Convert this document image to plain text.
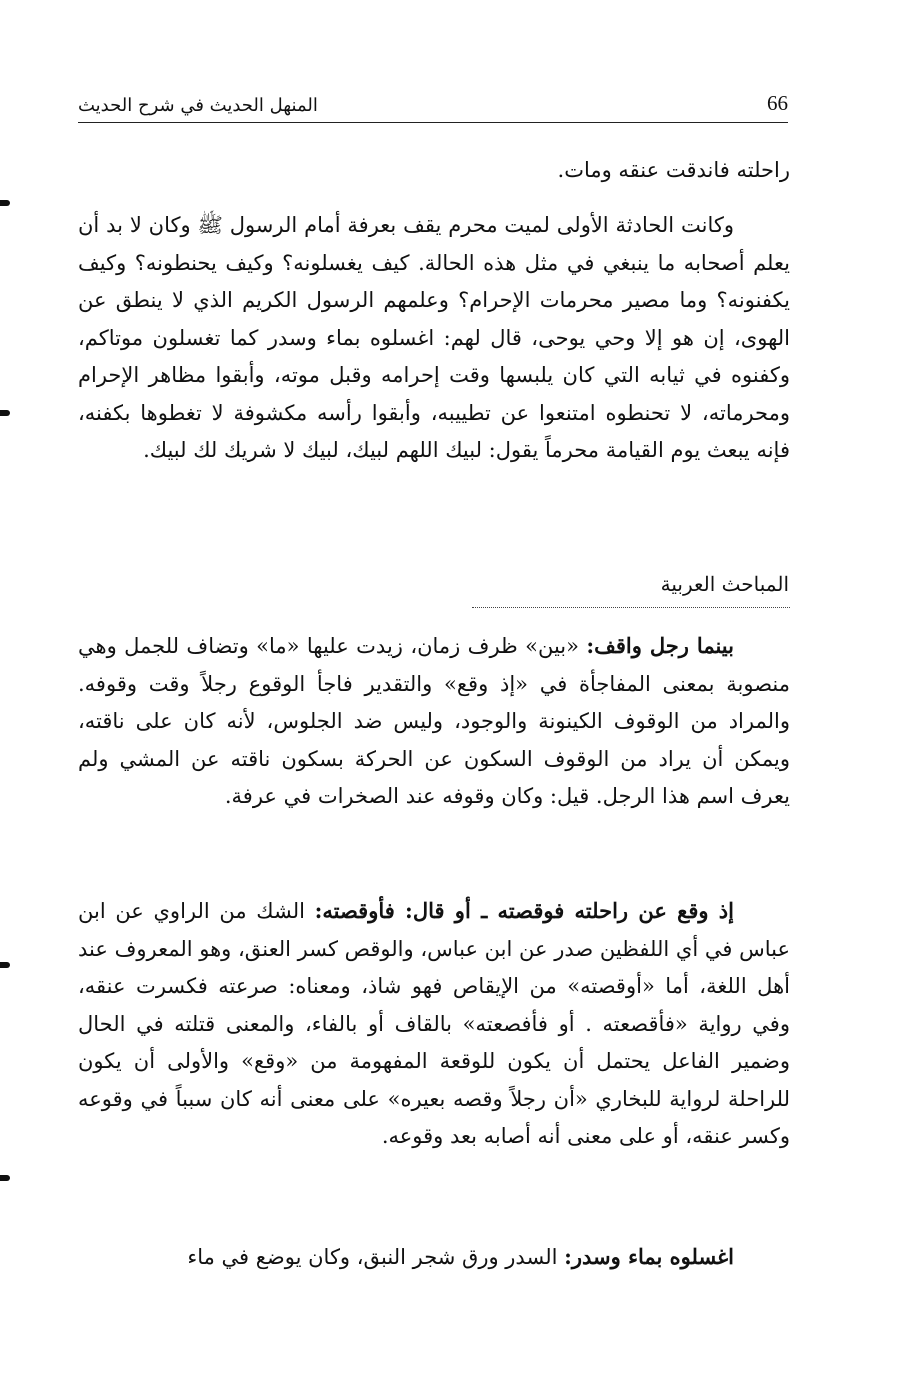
المنهل الحديث في شرح الحديث	66
راحلته فاندقت عنقه ومات.
وكانت الحادثة الأولى لميت محرم يقف بعرفة أمام الرسول ﷺ وكان لا بد أن يعلم أصحابه ما ينبغي في مثل هذه الحالة. كيف يغسلونه؟ وكيف يحنطونه؟ وكيف يكفنونه؟ وما مصير محرمات الإحرام؟ وعلمهم الرسول الكريم الذي لا ينطق عن الهوى، إن هو إلا وحي يوحى، قال لهم: اغسلوه بماء وسدر كما تغسلون موتاكم، وكفنوه في ثيابه التي كان يلبسها وقت إحرامه وقبل موته، وأبقوا مظاهر الإحرام ومحرماته، لا تحنطوه امتنعوا عن تطييبه، وأبقوا رأسه مكشوفة لا تغطوها بكفنه، فإنه يبعث يوم القيامة محرماً يقول: لبيك اللهم لبيك، لبيك لا شريك لك لبيك.
المباحث العربية
بينما رجل واقف: «بين» ظرف زمان، زيدت عليها «ما» وتضاف للجمل وهي منصوبة بمعنى المفاجأة في «إذ وقع» والتقدير فاجأ الوقوع رجلاً وقت وقوفه. والمراد من الوقوف الكينونة والوجود، وليس ضد الجلوس، لأنه كان على ناقته، ويمكن أن يراد من الوقوف السكون عن الحركة بسكون ناقته عن المشي ولم يعرف اسم هذا الرجل. قيل: وكان وقوفه عند الصخرات في عرفة.
إذ وقع عن راحلته فوقصته ـ أو قال: فأوقصته: الشك من الراوي عن ابن عباس في أي اللفظين صدر عن ابن عباس، والوقص كسر العنق، وهو المعروف عند أهل اللغة، أما «أوقصته» من الإيقاص فهو شاذ، ومعناه: صرعته فكسرت عنقه، وفي رواية «فأقصعته . أو فأفصعته» بالقاف أو بالفاء، والمعنى قتلته في الحال وضمير الفاعل يحتمل أن يكون للوقعة المفهومة من «وقع» والأولى أن يكون للراحلة لرواية للبخاري «أن رجلاً وقصه بعيره» على معنى أنه كان سبباً في وقوعه وكسر عنقه، أو على معنى أنه أصابه بعد وقوعه.
اغسلوه بماء وسدر: السدر ورق شجر النبق، وكان يوضع في ماء
